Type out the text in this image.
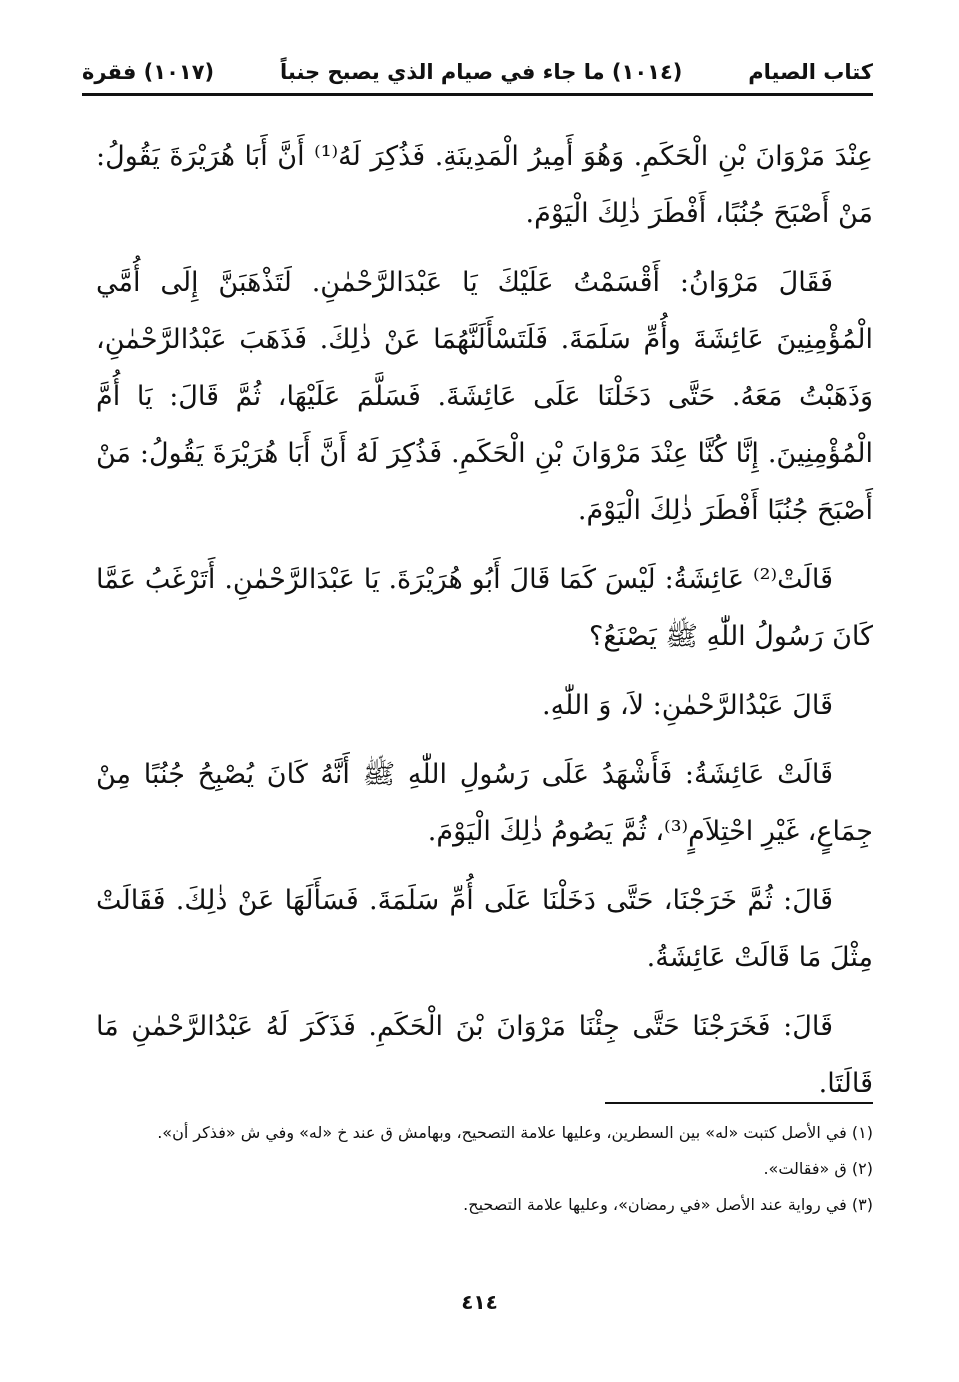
كتاب الصيام
(١٠١٤) ما جاء في صيام الذي يصبح جنباً
(١٠١٧) فقرة

عِنْدَ مَرْوَانَ بْنِ الْحَكَمِ. وَهُوَ أَمِيرُ الْمَدِينَةِ. فَذُكِرَ لَهُ⁽¹⁾ أَنَّ أَبَا هُرَيْرَةَ يَقُولُ: مَنْ أَصْبَحَ جُنُبًا، أَفْطَرَ ذٰلِكَ الْيَوْمَ.

فَقَالَ مَرْوَانُ: أَقْسَمْتُ عَلَيْكَ يَا عَبْدَالرَّحْمٰنِ. لَتَذْهَبَنَّ إِلَى أُمَّي الْمُؤْمِنِينَ عَائِشَةَ وأُمِّ سَلَمَةَ. فَلَتَسْأَلَنَّهُمَا عَنْ ذٰلِكَ. فَذَهَبَ عَبْدُالرَّحْمٰنِ، وَذَهَبْتُ مَعَهُ. حَتَّى دَخَلْنَا عَلَى عَائِشَةَ. فَسَلَّمَ عَلَيْهَا، ثُمَّ قَالَ: يَا أُمَّ الْمُؤْمِنِينَ. إِنَّا كُنَّا عِنْدَ مَرْوَانَ بْنِ الْحَكَمِ. فَذُكِرَ لَهُ أَنَّ أَبَا هُرَيْرَةَ يَقُولُ: مَنْ أَصْبَحَ جُنُبًا أَفْطَرَ ذٰلِكَ الْيَوْمَ.

قَالَتْ⁽²⁾ عَائِشَةُ: لَيْسَ كَمَا قَالَ أَبُو هُرَيْرَةَ. يَا عَبْدَالرَّحْمٰنِ. أَتَرْغَبُ عَمَّا كَانَ رَسُولُ اللّٰهِ ﷺ يَصْنَعُ؟

قَالَ عَبْدُالرَّحْمٰنِ: لاَ، وَ اللّٰهِ.

قَالَتْ عَائِشَةُ: فَأَشْهَدُ عَلَى رَسُولِ اللّٰهِ ﷺ أَنَّهُ كَانَ يُصْبِحُ جُنُبًا مِنْ جِمَاعٍ، غَيْرِ احْتِلاَمٍ⁽³⁾، ثُمَّ يَصُومُ ذٰلِكَ الْيَوْمَ.

قَالَ: ثُمَّ خَرَجْنَا، حَتَّى دَخَلْنَا عَلَى أُمِّ سَلَمَةَ. فَسَأَلَهَا عَنْ ذٰلِكَ. فَقَالَتْ مِثْلَ مَا قَالَتْ عَائِشَةُ.

قَالَ: فَخَرَجْنَا حَتَّى جِئْنَا مَرْوَانَ بْنَ الْحَكَمِ. فَذَكَرَ لَهُ عَبْدُالرَّحْمٰنِ مَا قَالَتَا.

(١) في الأصل كتبت «له» بين السطرين، وعليها علامة التصحيح، وبهامش ق عند خ «له» وفي ش «فذكر أن».

(٢) ق «فقالت».

(٣) في رواية عند الأصل «في رمضان»، وعليها علامة التصحيح.

٤١٤
